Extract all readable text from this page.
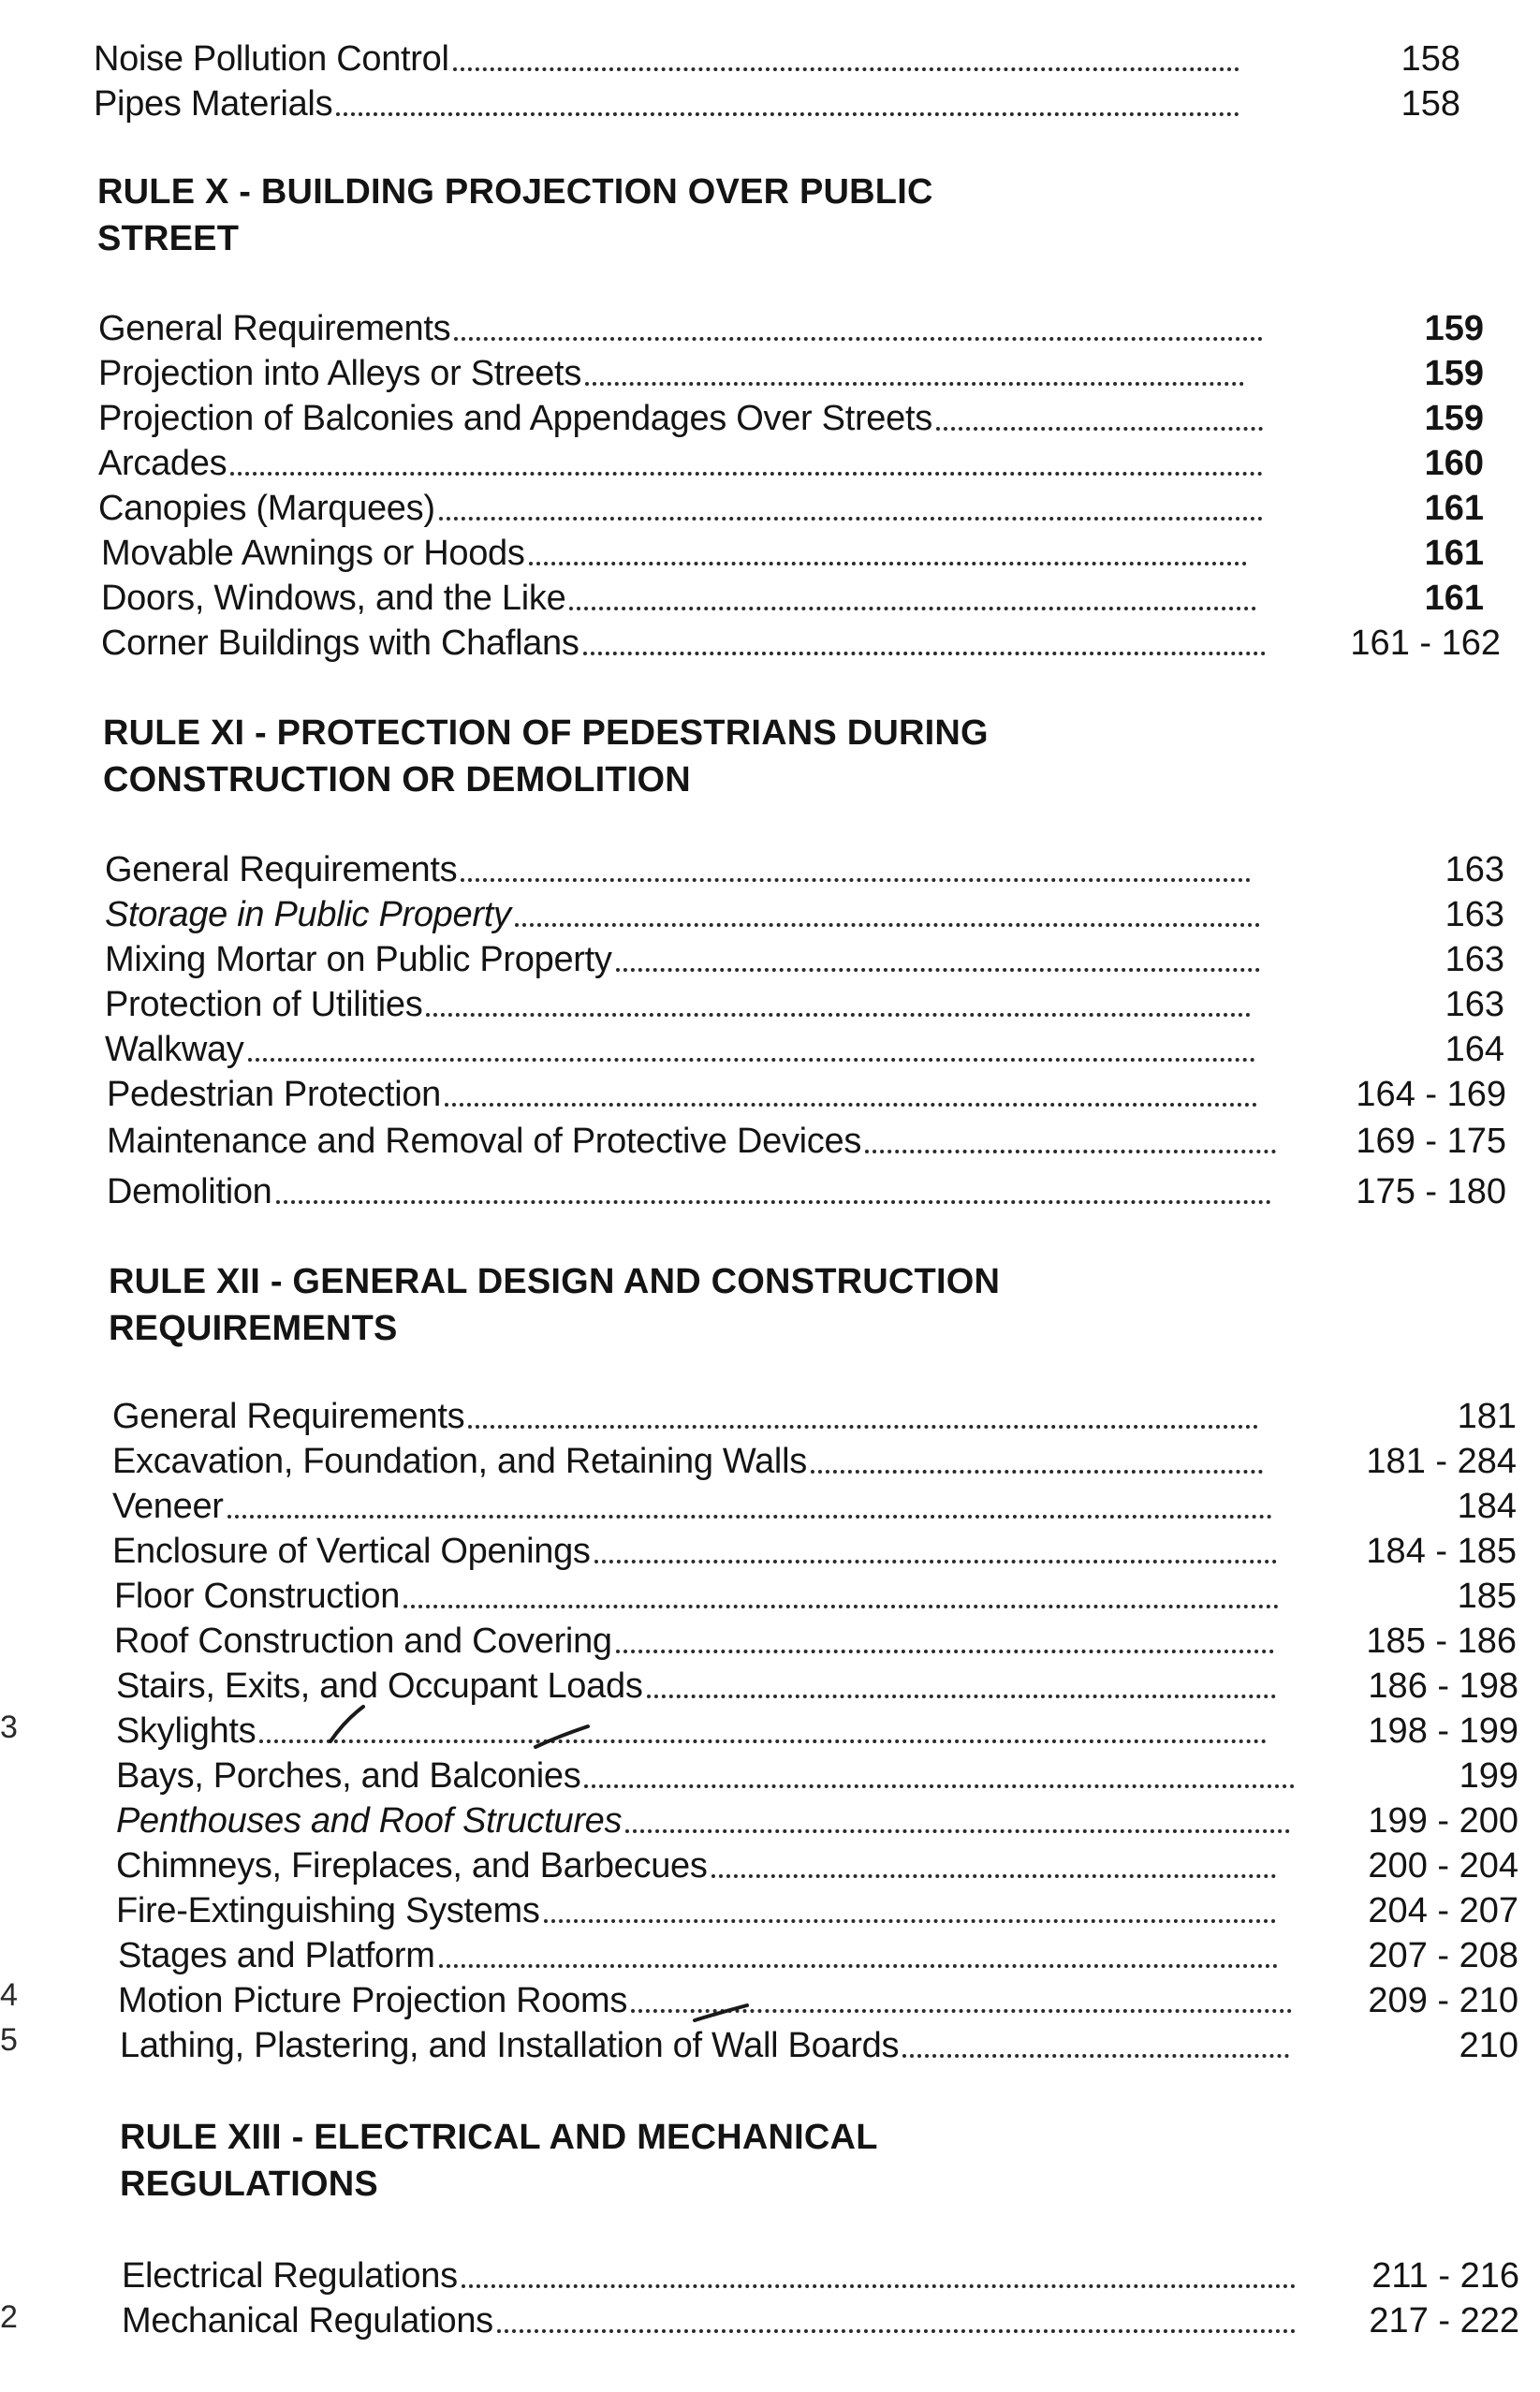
Noise Pollution Control	158
Pipes Materials	158
RULE X - BUILDING PROJECTION OVER PUBLIC
STREET
General Requirements	159
Projection into Alleys or Streets	159
Projection of Balconies and Appendages Over Streets	159
Arcades	160
Canopies (Marquees)	161
Movable Awnings or Hoods	161
Doors, Windows, and the Like	161
Corner Buildings with Chaflans	161 - 162
RULE XI - PROTECTION OF PEDESTRIANS DURING
CONSTRUCTION OR DEMOLITION
General Requirements	163
Storage in Public Property	163
Mixing Mortar on Public Property	163
Protection of Utilities	163
Walkway	164
Pedestrian Protection	164 - 169
Maintenance and Removal of Protective Devices	169 - 175
Demolition	175 - 180
RULE XII - GENERAL DESIGN AND CONSTRUCTION
REQUIREMENTS
General Requirements	181
Excavation, Foundation, and Retaining Walls	181 - 284
Veneer	184
Enclosure of Vertical Openings	184 - 185
Floor Construction	185
Roof Construction and Covering	185 - 186
Stairs, Exits, and Occupant Loads	186 - 198
Skylights	198 - 199
Bays, Porches, and Balconies	199
Penthouses and Roof Structures	199 - 200
Chimneys, Fireplaces, and Barbecues	200 - 204
Fire-Extinguishing Systems	204 - 207
Stages and Platform	207 - 208
Motion Picture Projection Rooms	209 - 210
Lathing, Plastering, and Installation of Wall Boards	210
RULE XIII - ELECTRICAL AND MECHANICAL
REGULATIONS
Electrical Regulations	211 - 216
Mechanical Regulations	217 - 222
3
4
5
2
